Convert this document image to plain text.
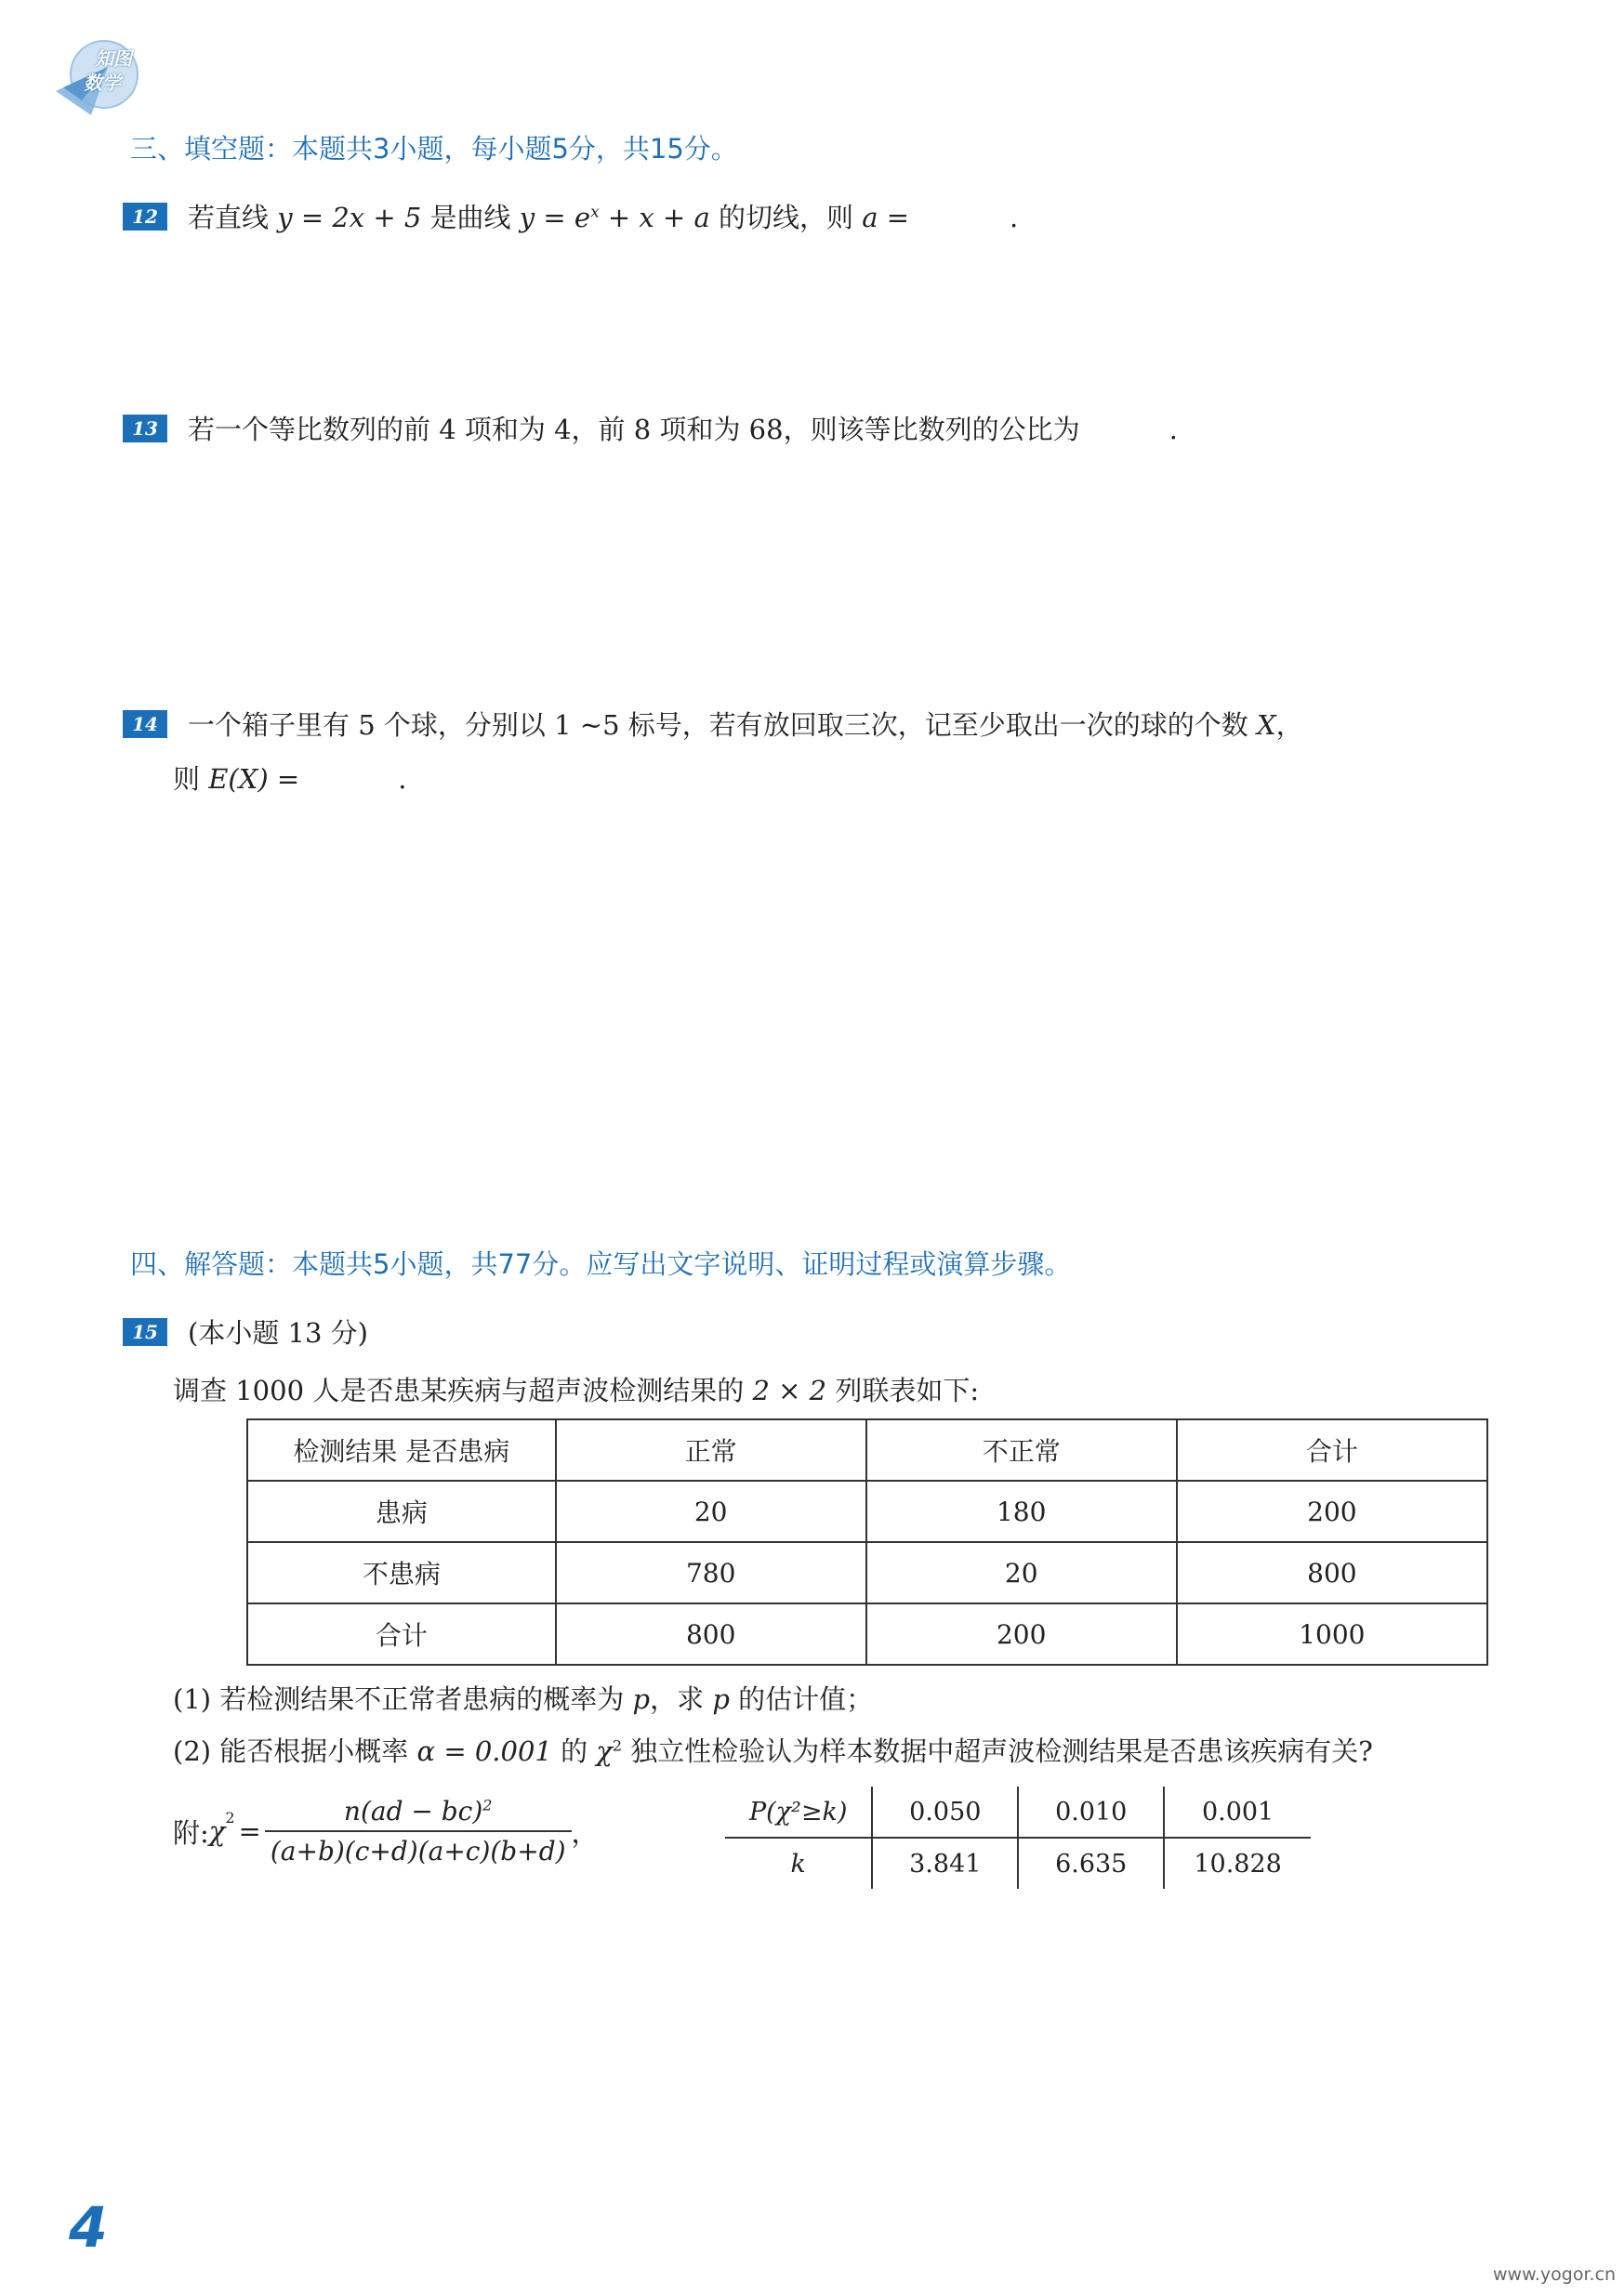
知图
数学
三、填空题：本题共3小题，每小题5分，共15分。
12	若直线 y = 2x + 5 是曲线 $y = e^x + x + a$ 的切线，则 a =	.
13	若一个等比数列的前 4 项和为 4，前 8 项和为 68，则该等比数列的公比为	.
14	一个箱子里有 5 个球，分别以 1 ~5 标号，若有放回取三次，记至少取出一次的球的个数 X，
则 E(X) =	.
四、解答题：本题共5小题，共77分。应写出文字说明、证明过程或演算步骤。
15	(本小题 13 分)
调查 1000 人是否患某疾病与超声波检测结果的 2 × 2 列联表如下:
检测结果 是否患病	正常	不正常	合计
患病	20	180	200
不患病	780	20	800
合计	800	200	1000
(1) 若检测结果不正常者患病的概率为 p，求 p 的估计值；
(2) 能否根据小概率 α = 0.001 的 $\chi^2$ 独立性检验认为样本数据中超声波检测结果是否患该疾病有关?
附: χ $2 = \frac{n(ad - bc)^2}{(a+b)(c+d)(a+c)(b+d)}$ ，
P(χ²≥k)	0.050	0.010	0.001
k	3.841	6.635	10.828
4
www.yogor.cn
